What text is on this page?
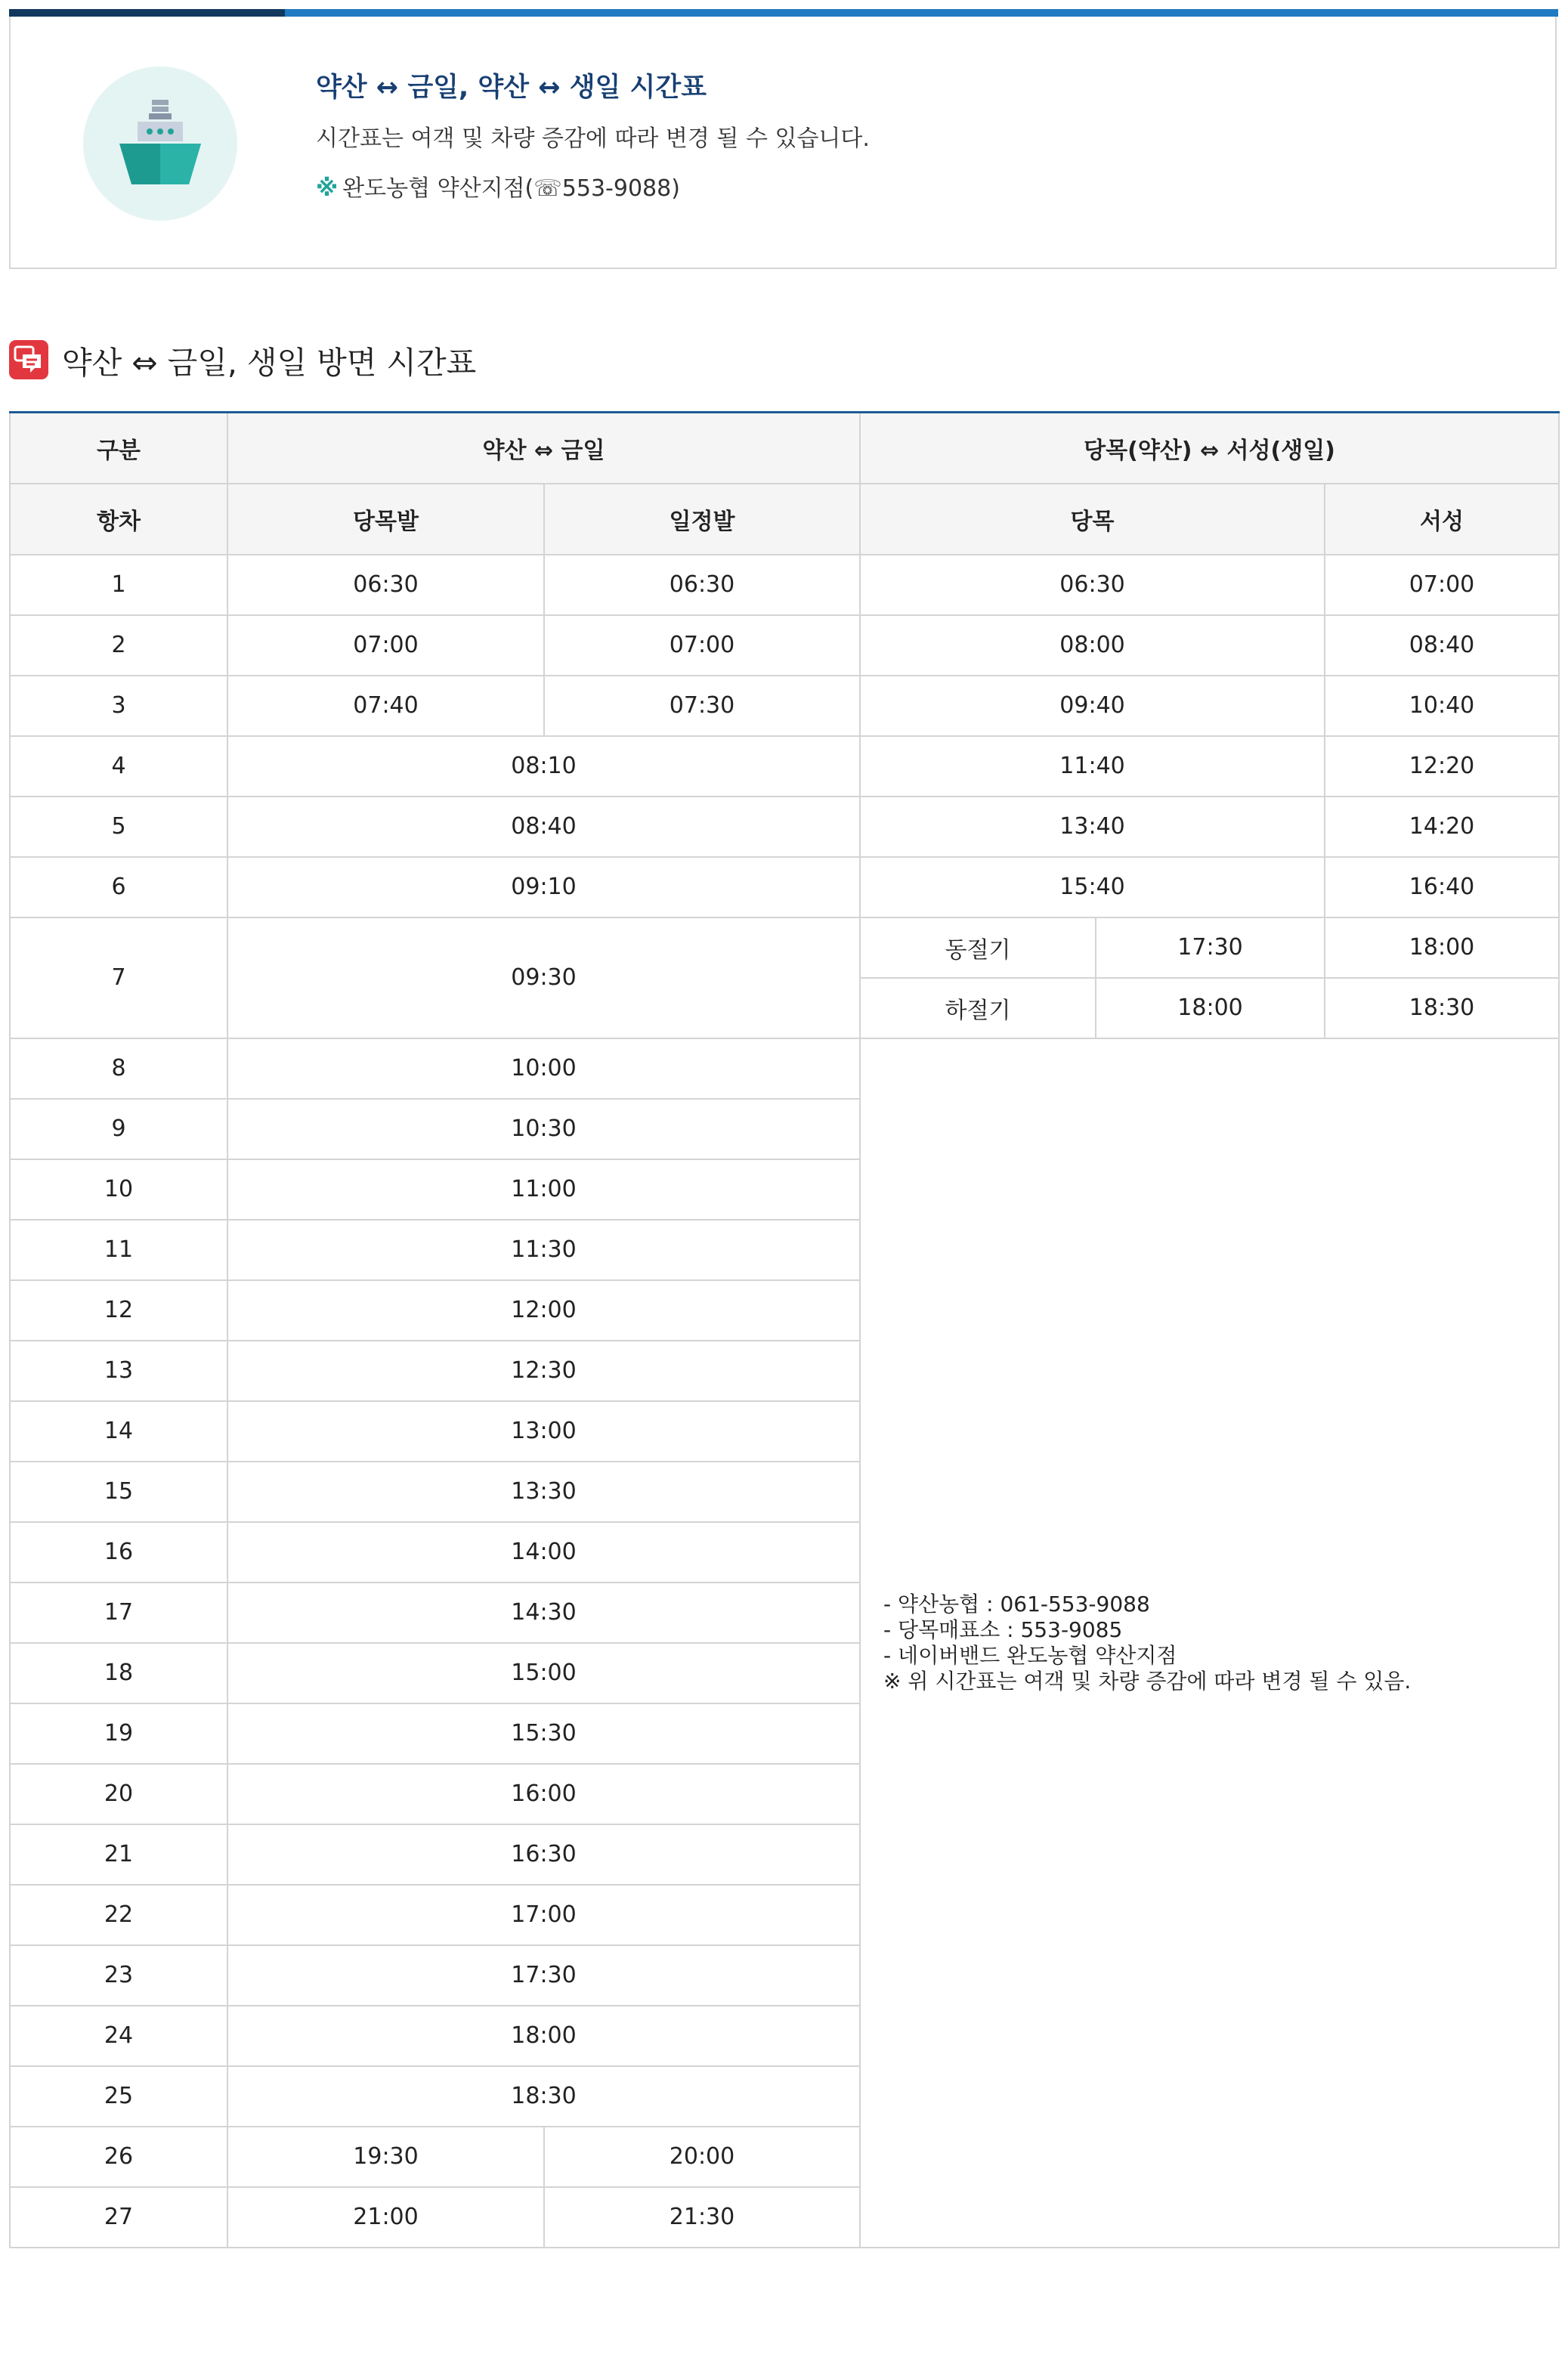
약산 ↔ 금일, 약산 ↔ 생일 시간표
시간표는 여객 및 차량 증감에 따라 변경 될 수 있습니다.
※ 완도농협 약산지점(☏553-9088)
약산 ⇔ 금일, 생일 방면 시간표
구분	약산 ⇔ 금일		당목(약산) ⇔ 서성(생일)		
항차	당목발	일정발	당목		서성
1	06:30	06:30	06:30		07:00
2	07:00	07:00	08:00		08:40
3	07:40	07:30	09:40		10:40
4	08:10		11:40		12:20
5	08:40		13:40		14:20
6	09:10		15:40		16:40
7	09:30		동절기	17:30	18:00
			하절기	18:00	18:30
8	10:00		- 약산농협 : 061-553-9088
- 당목매표소 : 553-9085
- 네이버밴드 완도농협 약산지점
※ 위 시간표는 여객 및 차량 증감에 따라 변경 될 수 있음.		

9	10:30				
10	11:00				
11	11:30				
12	12:00				
13	12:30				
14	13:00				
15	13:30				
16	14:00				
17	14:30				
18	15:00				
19	15:30				
20	16:00				
21	16:30				
22	17:00				
23	17:30				
24	18:00				
25	18:30				
26	19:30	20:00			
27	21:00	21:30			
